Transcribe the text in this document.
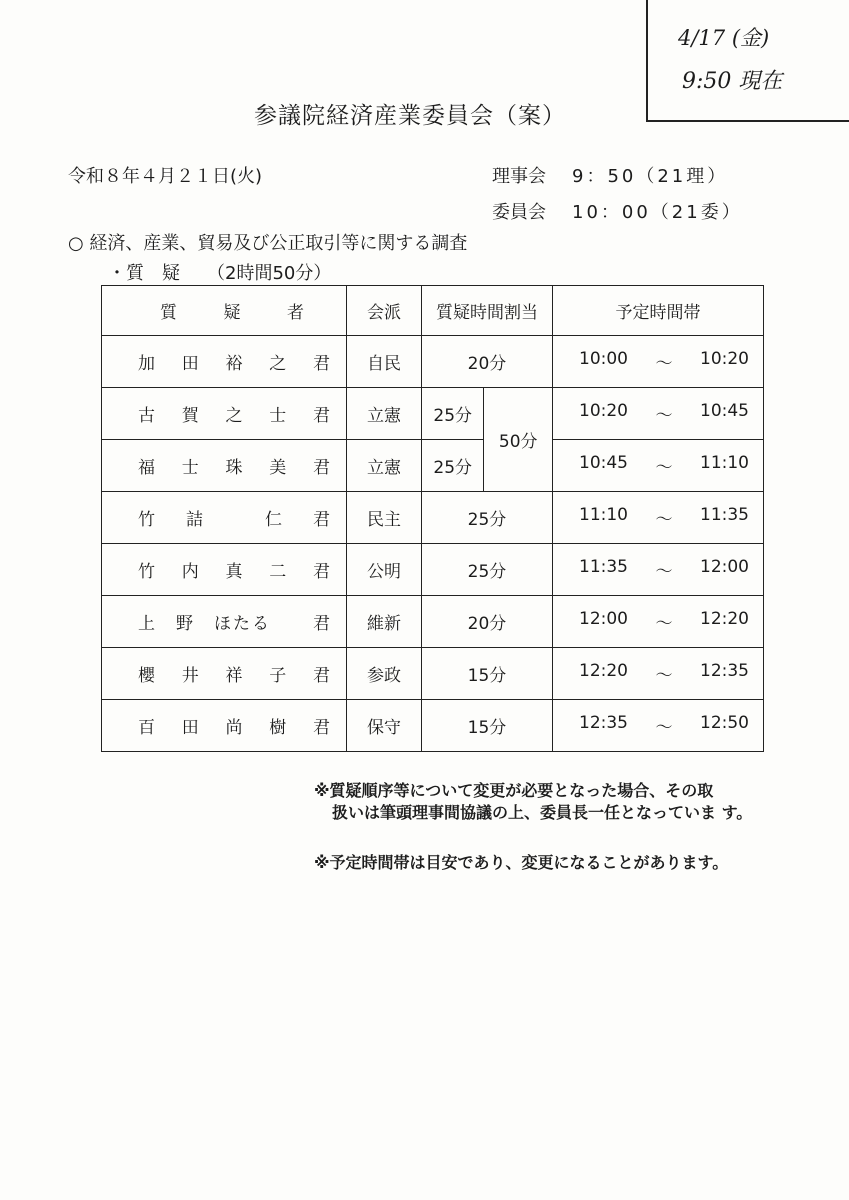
4/17 (金)
9:50 現在
参議院経済産業委員会（案）
令和８年４月２１日(火)	理事会 9：50（21理）
委員会 10：00（21委）
○ 経済、産業、貿易及び公正取引等に関する調査
・質　疑　　（2時間50分）
質 疑 者	会派	質疑時間割当		予定時間帯

加 田 裕 之 君	自民	20分		10:00 ～ 10:20

古 賀 之 士 君	立憲	25分	50分	10:20 ～ 10:45

福 士 珠 美 君	立憲	25分		10:45 ～ 11:10

竹 詰 仁 君	民主	25分		11:10 ～ 11:35

竹 内 真 二 君	公明	25分		11:35 ～ 12:00

上 野 ほたる 君	維新	20分		12:00 ～ 12:20

櫻 井 祥 子 君	参政	15分		12:20 ～ 12:35

百 田 尚 樹 君	保守	15分		12:35 ～ 12:50
※質疑順序等について変更が必要となった場合、その取
扱いは筆頭理事間協議の上、委員長一任となっていま す。
※予定時間帯は目安であり、変更になることがあります。
